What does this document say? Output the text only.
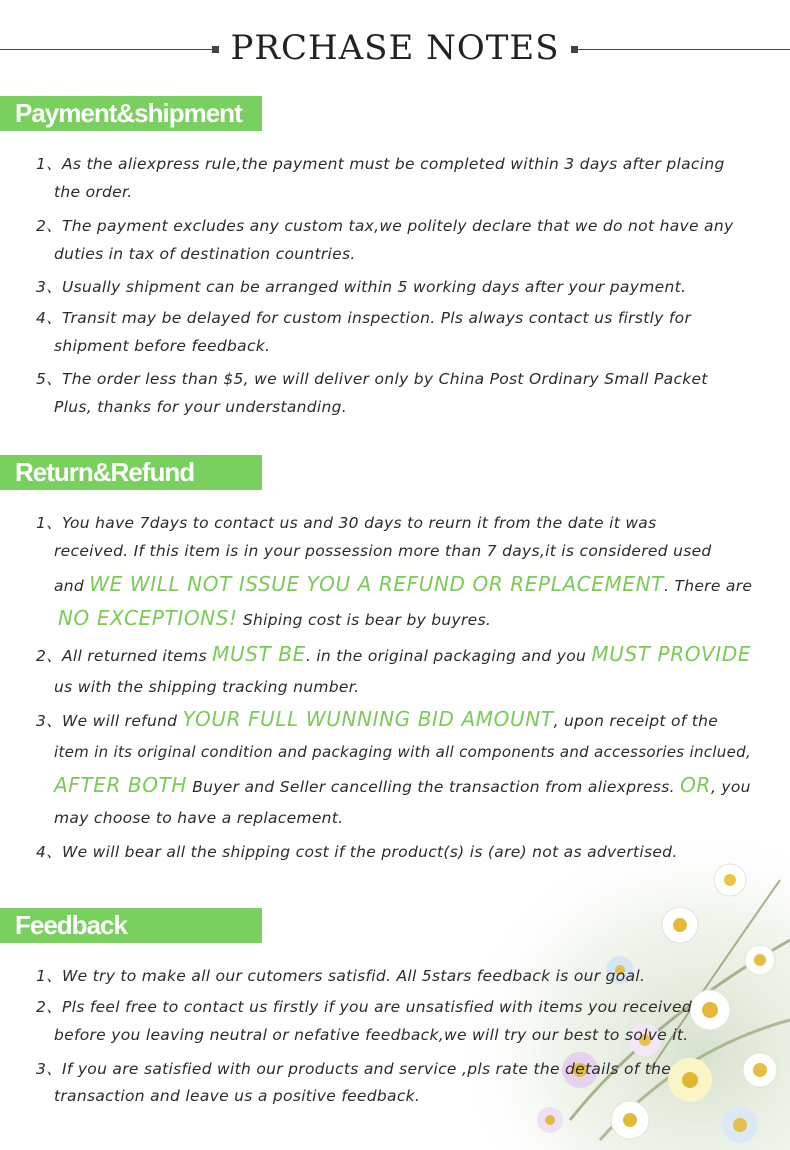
PRCHASE NOTES
Payment&shipment
1、As the aliexpress rule,the payment must be completed within 3 days after placing
the order.
2、The payment excludes any custom tax,we politely declare that we do not have any
duties in tax of destination countries.
3、Usually shipment can be arranged within 5 working days after your payment.
4、Transit may be delayed for custom inspection. Pls always contact us firstly for
shipment before feedback.
5、The order less than $5, we will deliver only by China Post Ordinary Small Packet
Plus, thanks for your understanding.
Return&Refund
1、You have 7days to contact us and 30 days to reurn it from the date it was
received. If this item is in your possession more than 7 days,it is considered used
and WE WILL NOT ISSUE YOU A REFUND OR REPLACEMENT. There are
NO EXCEPTIONS! Shiping cost is bear by buyres.
2、All returned items MUST BE. in the original packaging and you MUST PROVIDE
us with the shipping tracking number.
3、We will refund YOUR FULL WUNNING BID AMOUNT, upon receipt of the
item in its original condition and packaging with all components and accessories inclued,
AFTER BOTH Buyer and Seller cancelling the transaction from aliexpress. OR, you
may choose to have a replacement.
4、We will bear all the shipping cost if the product(s) is (are) not as advertised.
Feedback
1、We try to make all our cutomers satisfid. All 5stars feedback is our goal.
2、Pls feel free to contact us firstly if you are unsatisfied with items you received
before you leaving neutral or nefative feedback,we will try our best to solve it.
3、If you are satisfied with our products and service ,pls rate the details of the
transaction and leave us a positive feedback.
